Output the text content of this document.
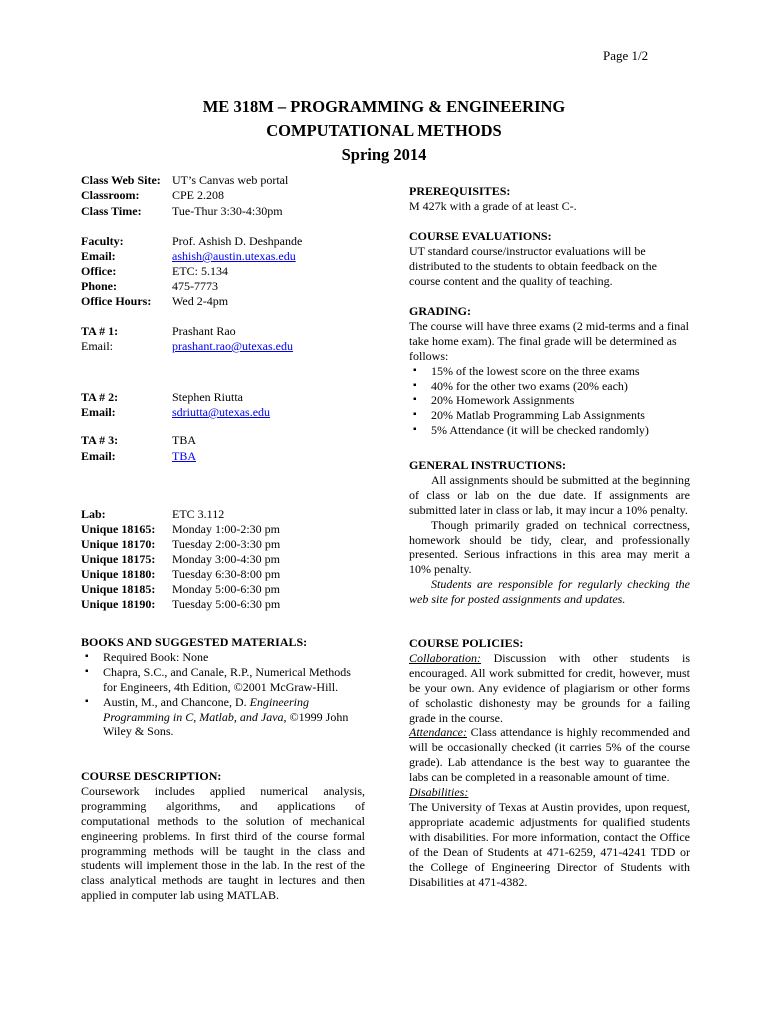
Page 1/2
ME 318M – PROGRAMMING & ENGINEERING
COMPUTATIONAL METHODS
Spring 2014
Class Web Site: UT’s Canvas web portal
Classroom:	CPE 2.208
Class Time:	Tue-Thur 3:30-4:30pm
Faculty:	Prof. Ashish D. Deshpande
Email:	ashish@austin.utexas.edu
Office:	ETC: 5.134
Phone:	475-7773
Office Hours: Wed 2-4pm
TA # 1:	Prashant Rao
Email:	prashant.rao@utexas.edu
TA # 2:	Stephen Riutta
Email:	sdriutta@utexas.edu
TA # 3:	TBA
Email:	TBA
Lab:	ETC 3.112
Unique 18165: Monday 1:00-2:30 pm
Unique 18170: Tuesday 2:00-3:30 pm
Unique 18175: Monday 3:00-4:30 pm
Unique 18180: Tuesday 6:30-8:00 pm
Unique 18185: Monday 5:00-6:30 pm
Unique 18190: Tuesday 5:00-6:30 pm
BOOKS AND SUGGESTED MATERIALS:
▪ Required Book: None
▪ Chapra, S.C., and Canale, R.P., Numerical Methods for Engineers, 4th Edition, ©2001 McGraw-Hill.
▪ Austin, M., and Chancone, D. Engineering Programming in C, Matlab, and Java, ©1999 John Wiley & Sons.
COURSE DESCRIPTION:
Coursework includes applied numerical analysis, programming algorithms, and applications of computational methods to the solution of mechanical engineering problems. In first third of the course formal programming methods will be taught in the class and students will implement those in the lab. In the rest of the class analytical methods are taught in lectures and then applied in computer lab using MATLAB.
PREREQUISITES:
M 427k with a grade of at least C-.
COURSE EVALUATIONS:
UT standard course/instructor evaluations will be distributed to the students to obtain feedback on the course content and the quality of teaching.
GRADING:
The course will have three exams (2 mid-terms and a final take home exam). The final grade will be determined as follows:
▪ 15% of the lowest score on the three exams
▪ 40% for the other two exams (20% each)
▪ 20% Homework Assignments
▪ 20% Matlab Programming Lab Assignments
▪ 5% Attendance (it will be checked randomly)
GENERAL INSTRUCTIONS:
All assignments should be submitted at the beginning of class or lab on the due date. If assignments are submitted later in class or lab, it may incur a 10% penalty.
Though primarily graded on technical correctness, homework should be tidy, clear, and professionally presented. Serious infractions in this area may merit a 10% penalty.
Students are responsible for regularly checking the web site for posted assignments and updates.
COURSE POLICIES:
Collaboration: Discussion with other students is encouraged. All work submitted for credit, however, must be your own. Any evidence of plagiarism or other forms of scholastic dishonesty may be grounds for a failing grade in the course.
Attendance: Class attendance is highly recommended and will be occasionally checked (it carries 5% of the course grade). Lab attendance is the best way to guarantee the labs can be completed in a reasonable amount of time.
Disabilities:
The University of Texas at Austin provides, upon request, appropriate academic adjustments for qualified students with disabilities. For more information, contact the Office of the Dean of Students at 471-6259, 471-4241 TDD or the College of Engineering Director of Students with Disabilities at 471-4382.
